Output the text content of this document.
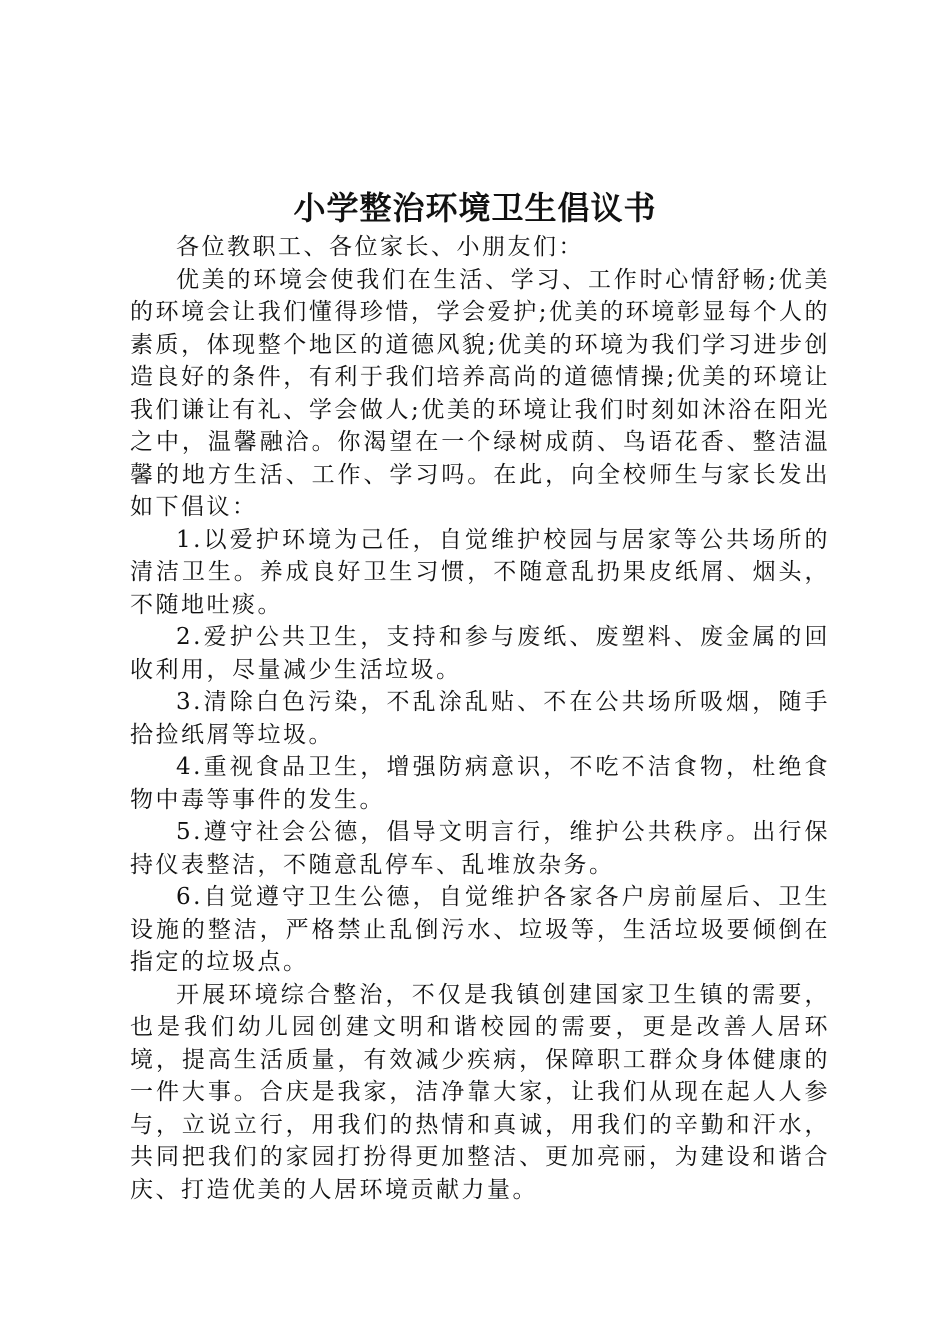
小学整治环境卫生倡议书

各位教职工、各位家长、小朋友们：

优美的环境会使我们在生活、学习、工作时心情舒畅;优美的环境会让我们懂得珍惜，学会爱护;优美的环境彰显每个人的素质，体现整个地区的道德风貌;优美的环境为我们学习进步创造良好的条件，有利于我们培养高尚的道德情操;优美的环境让我们谦让有礼、学会做人;优美的环境让我们时刻如沐浴在阳光之中，温馨融洽。你渴望在一个绿树成荫、鸟语花香、整洁温馨的地方生活、工作、学习吗。在此，向全校师生与家长发出如下倡议：

1.以爱护环境为己任，自觉维护校园与居家等公共场所的清洁卫生。养成良好卫生习惯，不随意乱扔果皮纸屑、烟头，不随地吐痰。

2.爱护公共卫生，支持和参与废纸、废塑料、废金属的回收利用，尽量减少生活垃圾。

3.清除白色污染，不乱涂乱贴、不在公共场所吸烟，随手拾捡纸屑等垃圾。

4.重视食品卫生，增强防病意识，不吃不洁食物，杜绝食物中毒等事件的发生。

5.遵守社会公德，倡导文明言行，维护公共秩序。出行保持仪表整洁，不随意乱停车、乱堆放杂务。

6.自觉遵守卫生公德，自觉维护各家各户房前屋后、卫生设施的整洁，严格禁止乱倒污水、垃圾等，生活垃圾要倾倒在指定的垃圾点。

开展环境综合整治，不仅是我镇创建国家卫生镇的需要，也是我们幼儿园创建文明和谐校园的需要，更是改善人居环境，提高生活质量，有效减少疾病，保障职工群众身体健康的一件大事。合庆是我家，洁净靠大家，让我们从现在起人人参与，立说立行，用我们的热情和真诚，用我们的辛勤和汗水，共同把我们的家园打扮得更加整洁、更加亮丽，为建设和谐合庆、打造优美的人居环境贡献力量。
